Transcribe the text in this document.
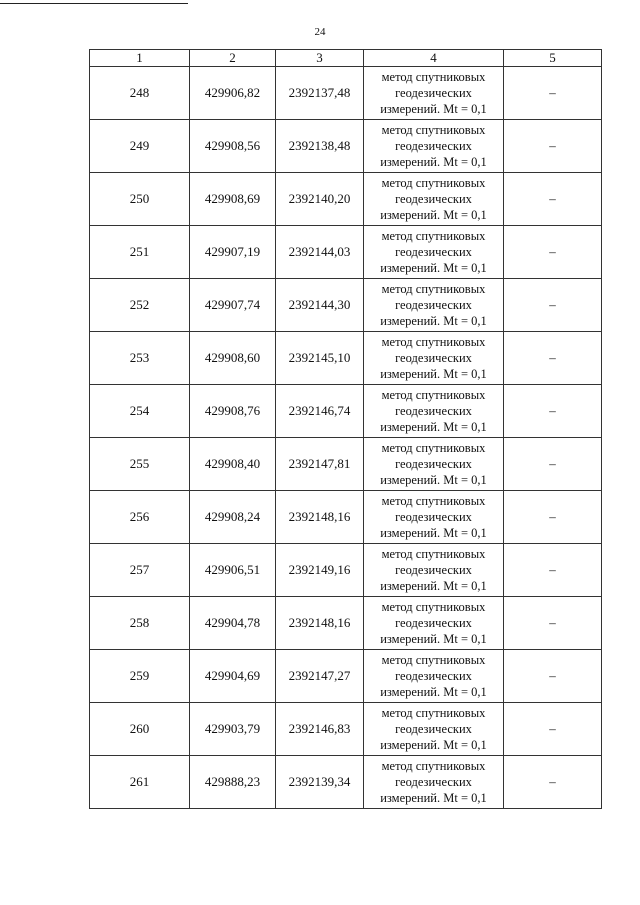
24
1	2	3	4	5
248	429906,82	2392137,48	метод спутниковых
геодезических
измерений. Mt = 0,1	–
249	429908,56	2392138,48	метод спутниковых
геодезических
измерений. Mt = 0,1	–
250	429908,69	2392140,20	метод спутниковых
геодезических
измерений. Mt = 0,1	–
251	429907,19	2392144,03	метод спутниковых
геодезических
измерений. Mt = 0,1	–
252	429907,74	2392144,30	метод спутниковых
геодезических
измерений. Mt = 0,1	–
253	429908,60	2392145,10	метод спутниковых
геодезических
измерений. Mt = 0,1	–
254	429908,76	2392146,74	метод спутниковых
геодезических
измерений. Mt = 0,1	–
255	429908,40	2392147,81	метод спутниковых
геодезических
измерений. Mt = 0,1	–
256	429908,24	2392148,16	метод спутниковых
геодезических
измерений. Mt = 0,1	–
257	429906,51	2392149,16	метод спутниковых
геодезических
измерений. Mt = 0,1	–
258	429904,78	2392148,16	метод спутниковых
геодезических
измерений. Mt = 0,1	–
259	429904,69	2392147,27	метод спутниковых
геодезических
измерений. Mt = 0,1	–
260	429903,79	2392146,83	метод спутниковых
геодезических
измерений. Mt = 0,1	–
261	429888,23	2392139,34	метод спутниковых
геодезических
измерений. Mt = 0,1	–
